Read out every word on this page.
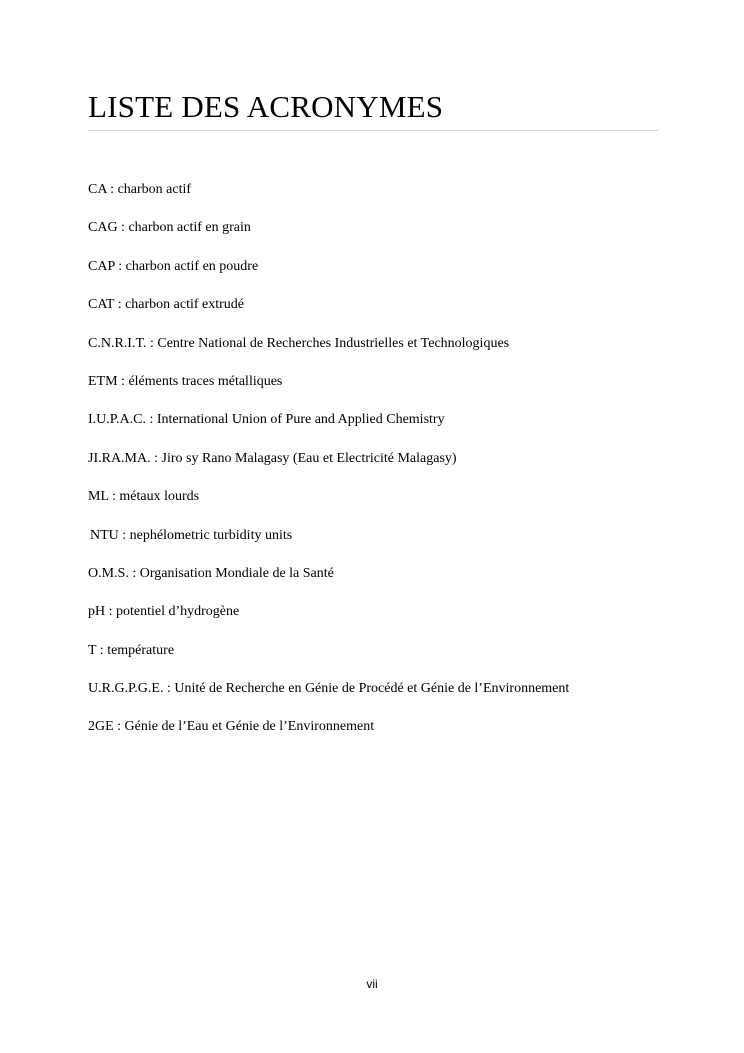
LISTE DES ACRONYMES
CA : charbon actif
CAG : charbon actif en grain
CAP : charbon actif en poudre
CAT : charbon actif extrudé
C.N.R.I.T. : Centre National de Recherches Industrielles et Technologiques
ETM : éléments traces métalliques
I.U.P.A.C. : International Union of Pure and Applied Chemistry
JI.RA.MA. : Jiro sy Rano Malagasy (Eau et Electricité Malagasy)
ML : métaux lourds
NTU : nephélometric turbidity units
O.M.S. : Organisation Mondiale de la Santé
pH : potentiel d’hydrogène
T : température
U.R.G.P.G.E. : Unité de Recherche en Génie de Procédé et Génie de l’Environnement
2GE : Génie de l’Eau et Génie de l’Environnement
vii
